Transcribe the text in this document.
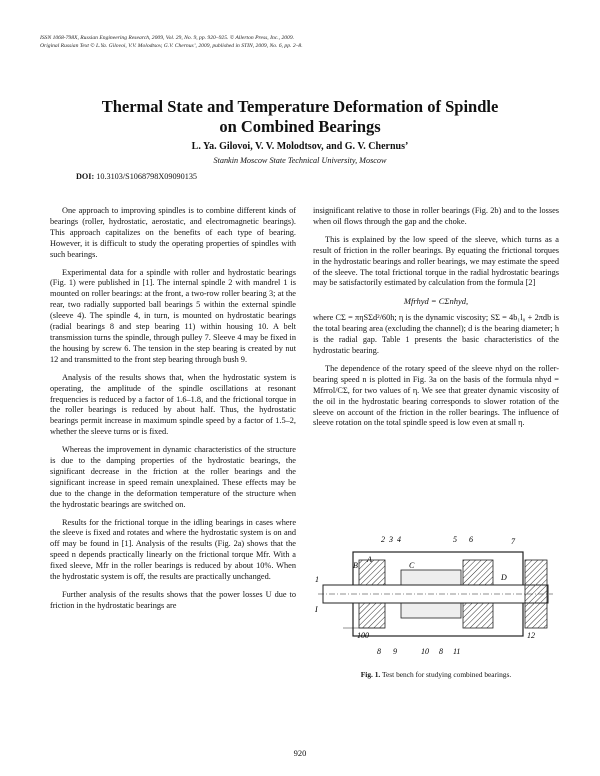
ISSN 1068-798X, Russian Engineering Research, 2009, Vol. 29, No. 9, pp. 920–925. © Allerton Press, Inc., 2009.
Original Russian Text © L.Ya. Gilovoi, V.V. Molodtsov, G.V. Chernus’, 2009, published in STIN, 2009, No. 6, pp. 2–8.
Thermal State and Temperature Deformation of Spindle
on Combined Bearings
L. Ya. Gilovoi, V. V. Molodtsov, and G. V. Chernus’
Stankin Moscow State Technical University, Moscow
DOI: 10.3103/S1068798X09090135

One approach to improving spindles is to combine different kinds of bearings (roller, hydrostatic, aerostatic, and electromagnetic bearings). This approach capitalizes on the benefits of each type of bearing. However, it is difficult to study the operating properties of spindles with such bearings.

Experimental data for a spindle with roller and hydrostatic bearings (Fig. 1) were published in [1]. The internal spindle 2 with mandrel 1 is mounted on roller bearings: at the front, a two-row roller bearing 3; at the rear, two radially supported ball bearings 5 within the external spindle (sleeve 4). The spindle 4, in turn, is mounted on hydrostatic bearings (radial bearings 8 and step bearing 11) within housing 10. A belt transmission turns the spindle, through pulley 7. Sleeve 4 may be fixed in the housing by screw 6. The tension in the step bearing is created by nut 12 and transmitted to the front step bearing through bush 9.

Analysis of the results shows that, when the hydrostatic system is operating, the amplitude of the spindle oscillations at resonant frequencies is reduced by a factor of 1.6–1.8, and the frictional torque in the roller bearings is reduced by about half. Thus, the hydrostatic bearings permit increase in maximum spindle speed by a factor of 1.5–2, whether the sleeve turns or is fixed.

Whereas the improvement in dynamic characteristics of the structure is due to the damping properties of the hydrostatic bearings, the significant decrease in the friction at the roller bearings and the significant increase in speed remain unexplained. These effects may be due to the change in the deformation temperature of the structure when the hydrostatic bearings are switched on.

Results for the frictional torque in the idling bearings in cases where the sleeve is fixed and rotates and where the hydrostatic system is on and off may be found in [1]. Analysis of the results (Fig. 2a) shows that the speed n depends practically linearly on the frictional torque Mfr. With a fixed sleeve, Mfr in the roller bearings is reduced by about 10%. When the hydrostatic system is off, the results are practically unchanged.

Further analysis of the results shows that the power losses U due to friction in the hydrostatic bearings are

insignificant relative to those in roller bearings (Fig. 2b) and to the losses when oil flows through the gap and the choke.

This is explained by the low speed of the sleeve, which turns as a result of friction in the roller bearings. By equating the frictional torques in the hydrostatic bearings and roller bearings, we may estimate the speed of the sleeve. The total frictional torque in the radial hydrostatic bearings may be satisfactorily estimated by calculation from the formula [2]

Mfrhyd = CΣnhyd,

where CΣ = πηSΣd²/60h; η is the dynamic viscosity; SΣ = 4b₁l₀ + 2πdb is the total bearing area (excluding the channel); d is the bearing diameter; h is the radial gap. Table 1 presents the basic characteristics of the hydrostatic bearing.

The dependence of the rotary speed of the sleeve nhyd on the roller-bearing speed n is plotted in Fig. 3a on the basis of the formula nhyd = Mfrrol/CΣ, for two values of η. We see that greater dynamic viscosity of the oil in the hydrostatic bearing corresponds to slower rotation of the sleeve on account of the friction in the roller bearings. The influence of sleeve rotation on the total spindle speed is low even at small η.

2 3 4	5 6	7
1
A
B	C
D
I
100
8 9	10 8 11
12
Fig. 1. Test bench for studying combined bearings.
920
